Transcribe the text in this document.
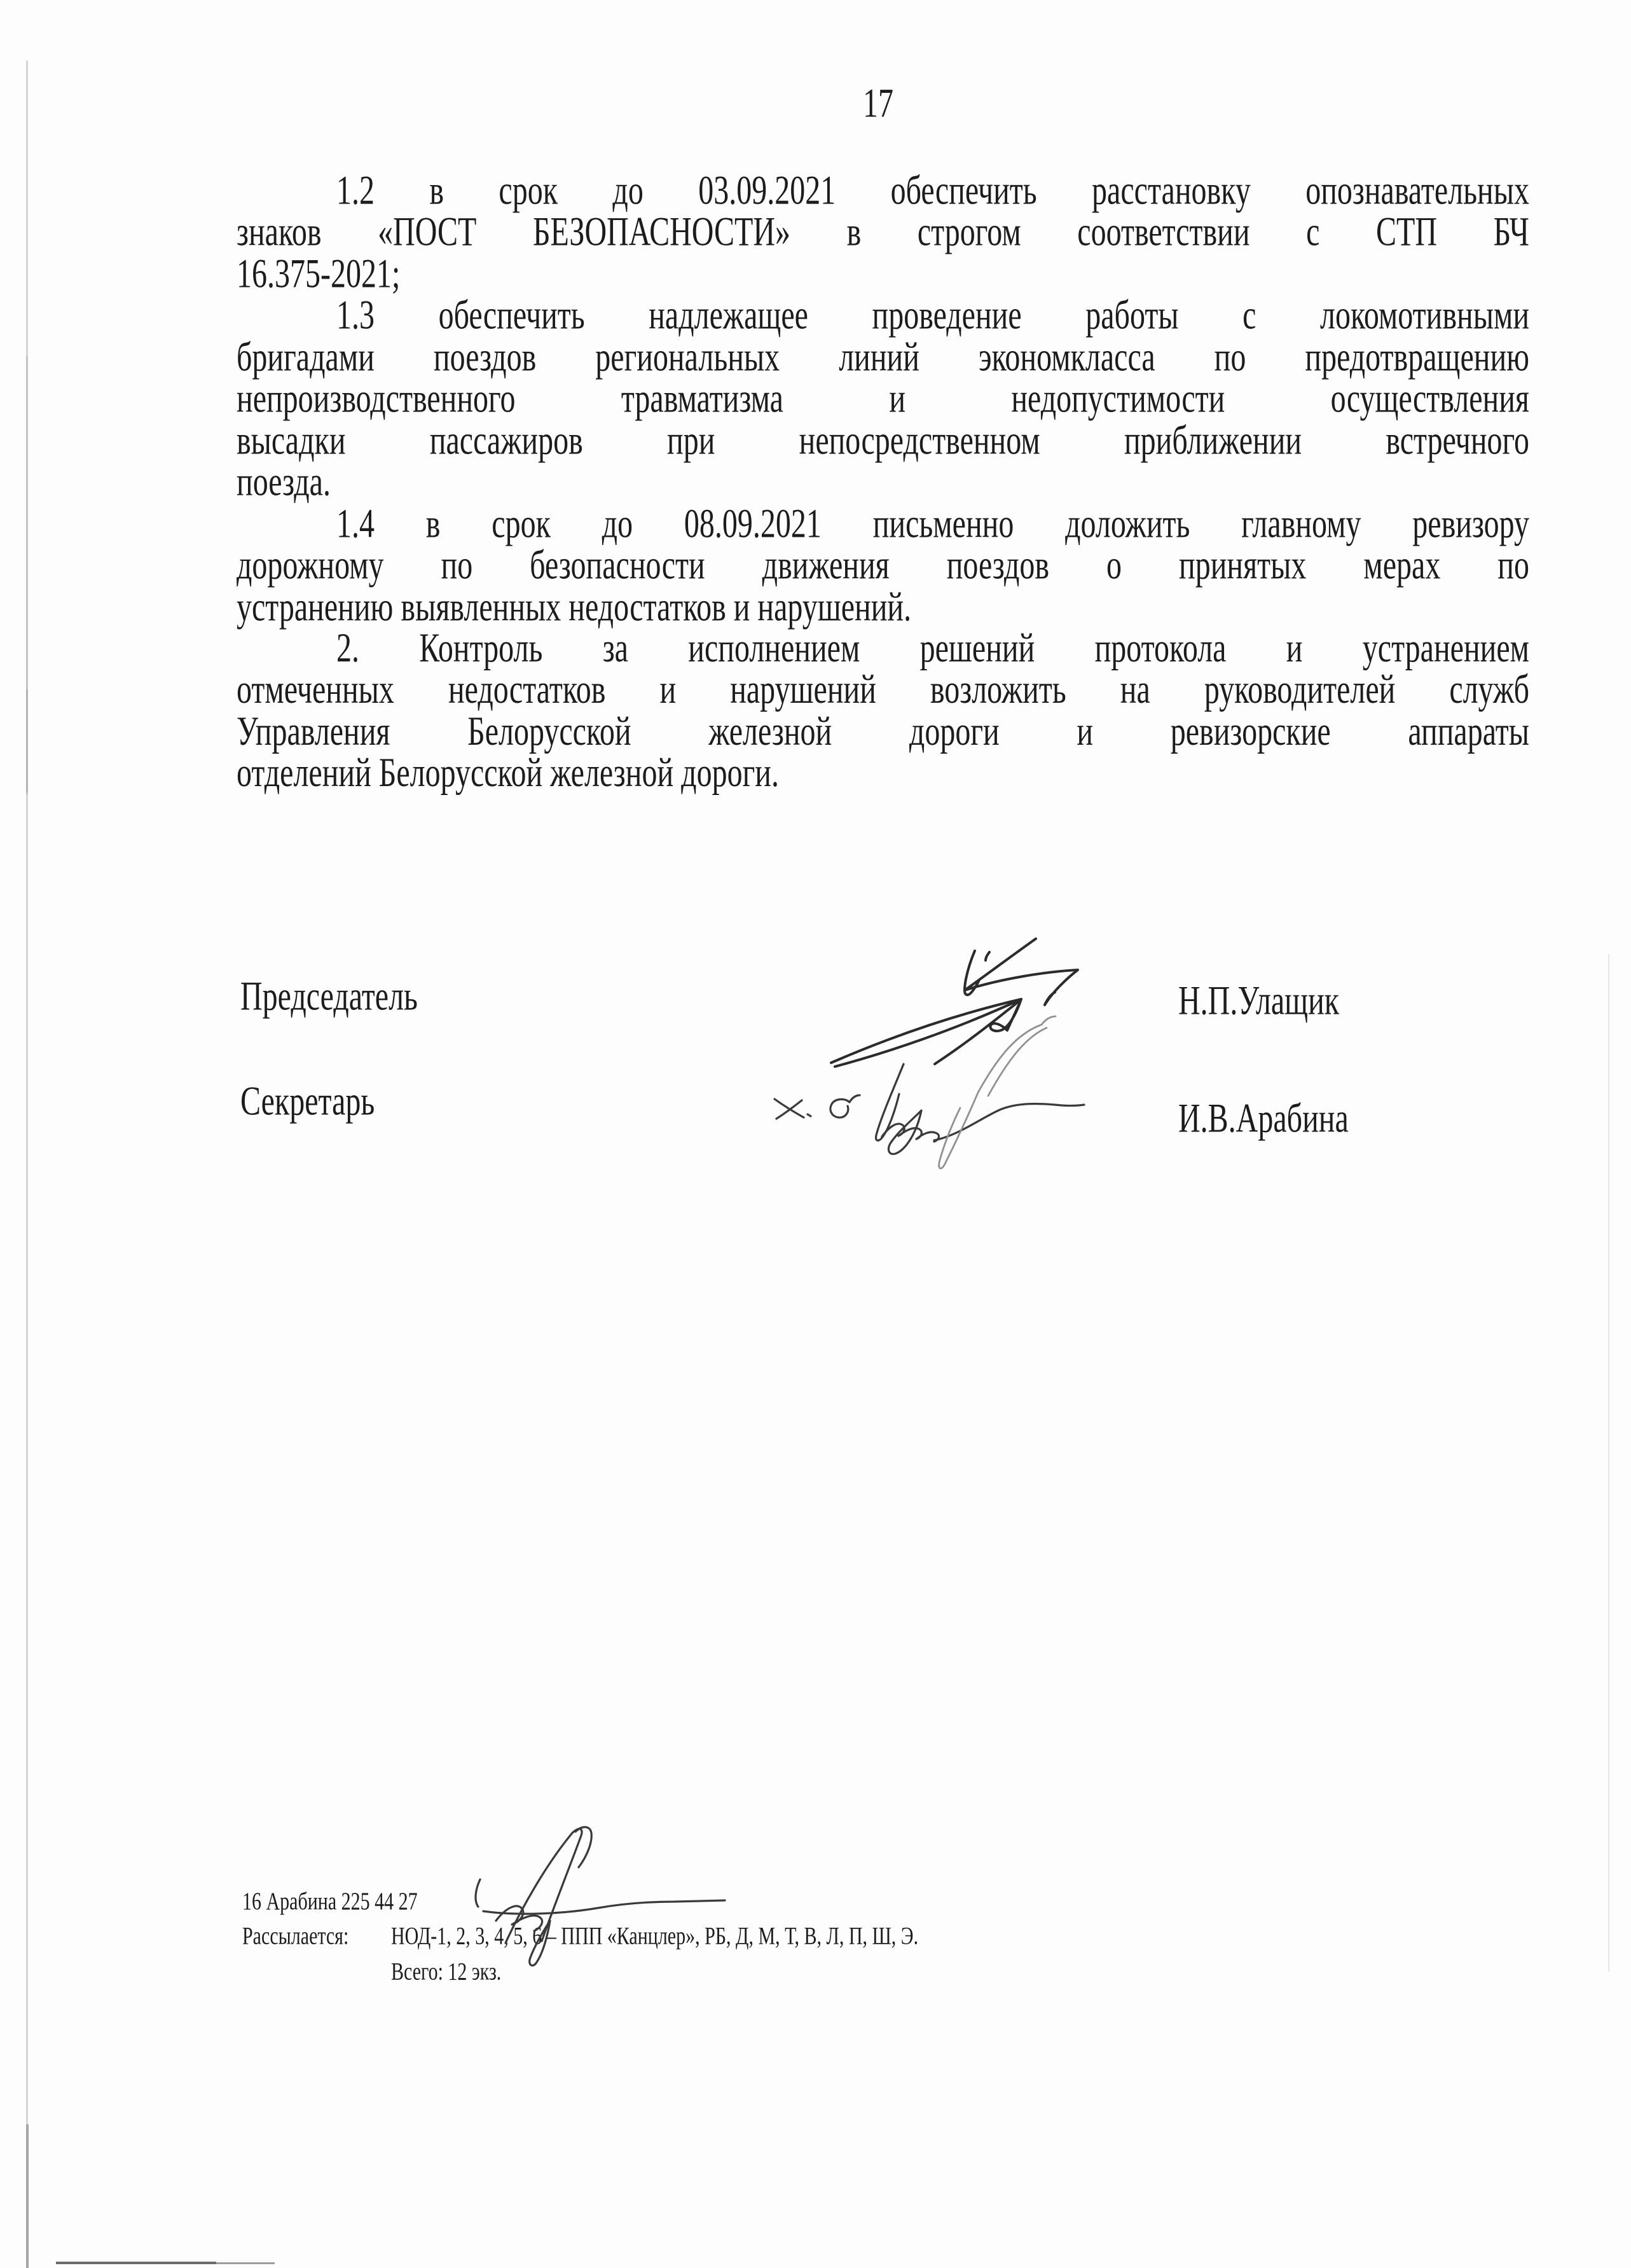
17
1.2 в срок до 03.09.2021 обеспечить расстановку опознавательных
знаков «ПОСТ БЕЗОПАСНОСТИ» в строгом соответствии с СТП БЧ
16.375-2021;
1.3 обеспечить надлежащее проведение работы с локомотивными
бригадами поездов региональных линий экономкласса по предотвращению
непроизводственного травматизма и недопустимости осуществления
высадки пассажиров при непосредственном приближении встречного
поезда.
1.4 в срок до 08.09.2021 письменно доложить главному ревизору
дорожному по безопасности движения поездов о принятых мерах по
устранению выявленных недостатков и нарушений.
2. Контроль за исполнением решений протокола и устранением
отмеченных недостатков и нарушений возложить на руководителей служб
Управления Белорусской железной дороги и ревизорские аппараты
отделений Белорусской железной дороги.
Председатель	Н.П.Улащик
Секретарь	И.В.Арабина
16 Арабина 225 44 27
Рассылается: НОД-1, 2, 3, 4, 5, 6 – ППП «Канцлер», РБ, Д, М, Т, В, Л, П, Ш, Э.
Всего: 12 экз.
